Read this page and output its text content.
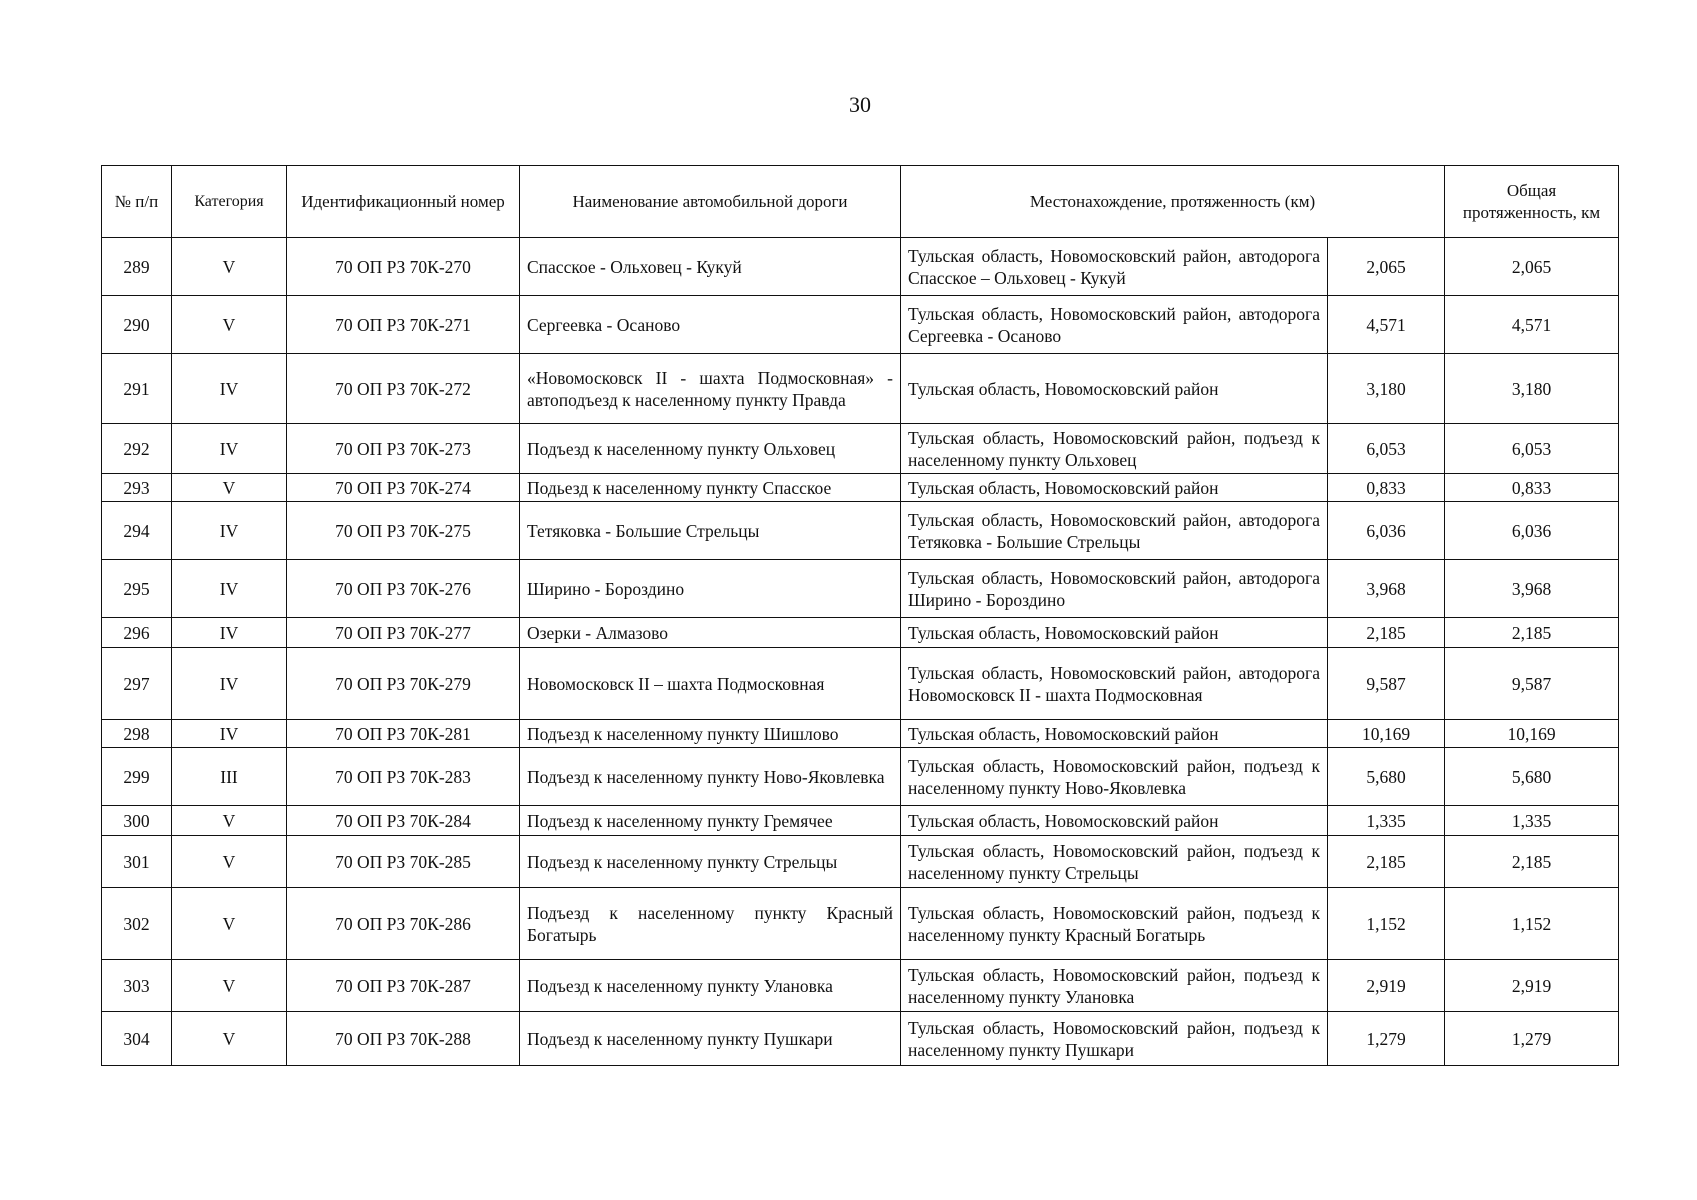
30
№ п/п	Категория	Идентификационный номер	Наименование автомобильной дороги	Местонахождение, протяженность (км)		Общая протяженность, км
289	V	70 ОП РЗ 70К-270	Спасское - Ольховец - Кукуй	Тульская область, Новомосковский район, автодорога Спасское – Ольховец - Кукуй	2,065	2,065
290	V	70 ОП РЗ 70К-271	Сергеевка - Осаново	Тульская область, Новомосковский район, автодорога Сергеевка - Осаново	4,571	4,571
291	IV	70 ОП РЗ 70К-272	«Новомосковск II - шахта Подмосковная» - автоподъезд к населенному пункту Правда	Тульская область, Новомосковский район	3,180	3,180
292	IV	70 ОП РЗ 70К-273	Подъезд к населенному пункту Ольховец	Тульская область, Новомосковский район, подъезд к населенному пункту Ольховец	6,053	6,053
293	V	70 ОП РЗ 70К-274	Подьезд к населенному пункту Спасское	Тульская область, Новомосковский район	0,833	0,833
294	IV	70 ОП РЗ 70К-275	Тетяковка - Большие Стрельцы	Тульская область, Новомосковский район, автодорога Тетяковка - Большие Стрельцы	6,036	6,036
295	IV	70 ОП РЗ 70К-276	Ширино - Бороздино	Тульская область, Новомосковский район, автодорога Ширино - Бороздино	3,968	3,968
296	IV	70 ОП РЗ 70К-277	Озерки - Алмазово	Тульская область, Новомосковский район	2,185	2,185
297	IV	70 ОП РЗ 70К-279	Новомосковск II – шахта Подмосковная	Тульская область, Новомосковский район, автодорога Новомосковск II - шахта Подмосковная	9,587	9,587
298	IV	70 ОП РЗ 70К-281	Подъезд к населенному пункту Шишлово	Тульская область, Новомосковский район	10,169	10,169
299	III	70 ОП РЗ 70К-283	Подъезд к населенному пункту Ново-Яковлевка	Тульская область, Новомосковский район, подъезд к населенному пункту Ново-Яковлевка	5,680	5,680
300	V	70 ОП РЗ 70К-284	Подъезд к населенному пункту Гремячее	Тульская область, Новомосковский район	1,335	1,335
301	V	70 ОП РЗ 70К-285	Подъезд к населенному пункту Стрельцы	Тульская область, Новомосковский район, подъезд к населенному пункту Стрельцы	2,185	2,185
302	V	70 ОП РЗ 70К-286	Подъезд к населенному пункту Красный Богатырь	Тульская область, Новомосковский район, подъезд к населенному пункту Красный Богатырь	1,152	1,152
303	V	70 ОП РЗ 70К-287	Подъезд к населенному пункту Улановка	Тульская область, Новомосковский район, подъезд к населенному пункту Улановка	2,919	2,919
304	V	70 ОП РЗ 70К-288	Подъезд к населенному пункту Пушкари	Тульская область, Новомосковский район, подъезд к населенному пункту Пушкари	1,279	1,279
